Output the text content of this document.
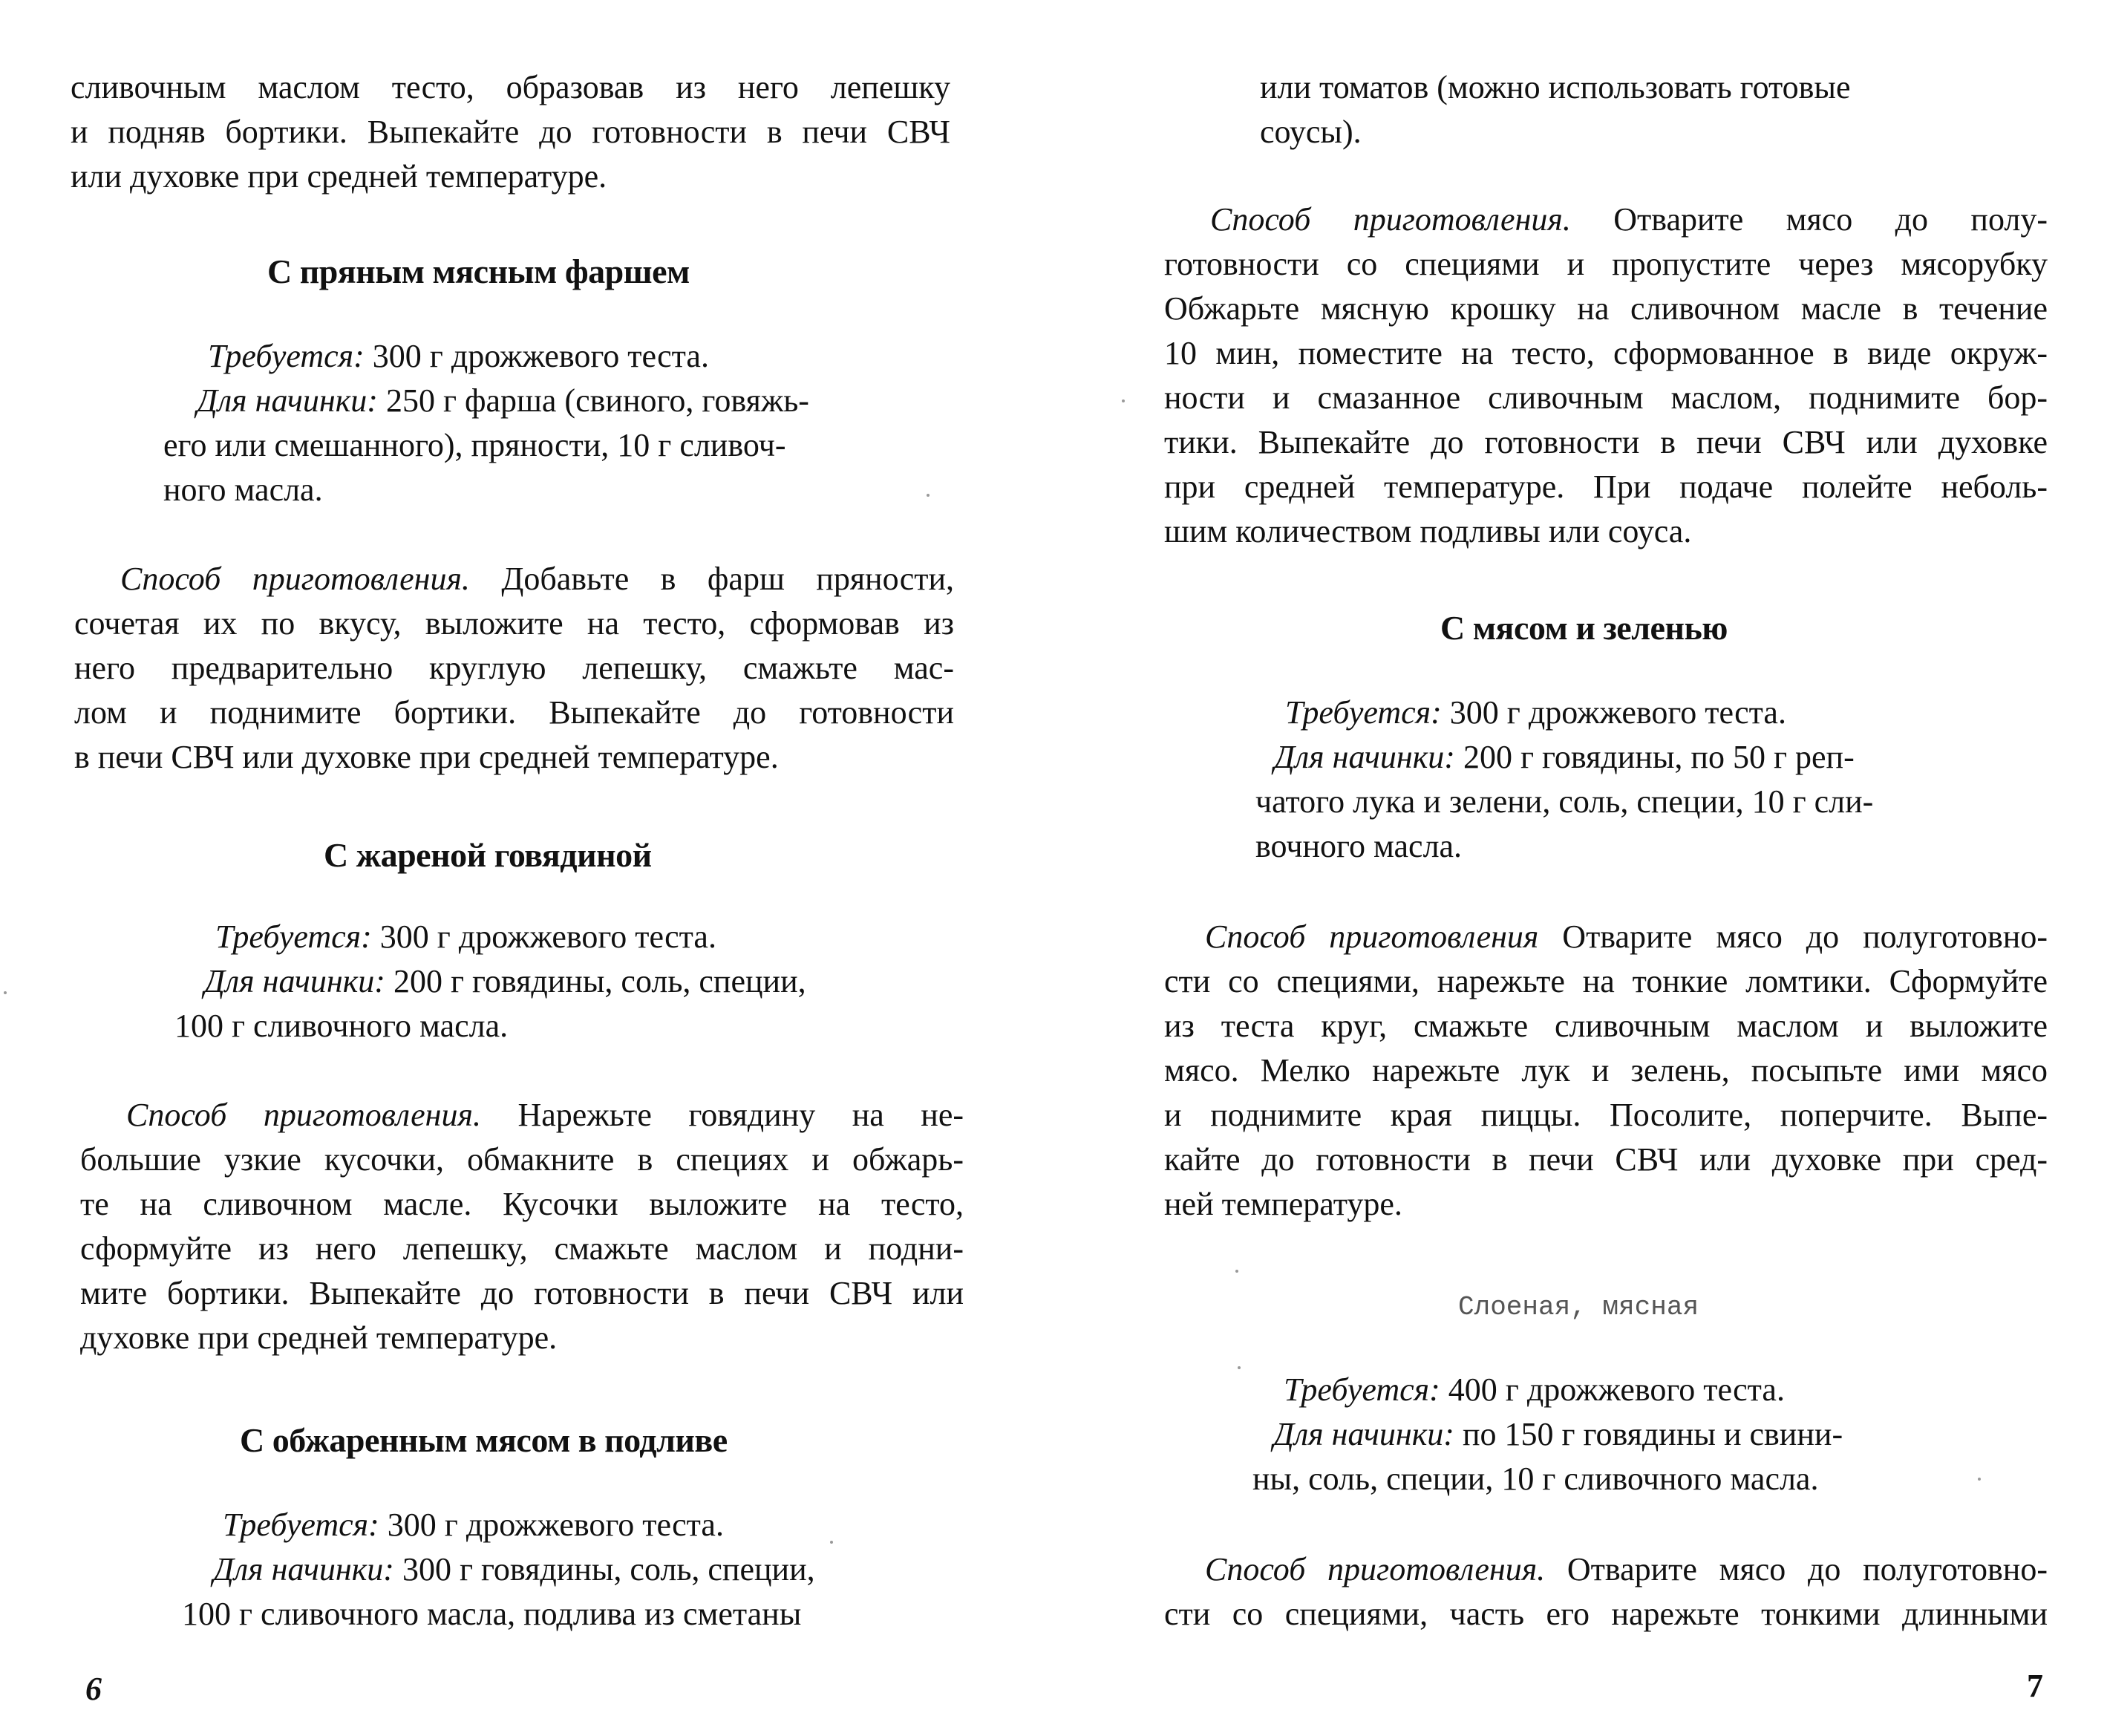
сливочным маслом тесто, образовав из него лепешку
и подняв бортики. Выпекайте до готовности в печи СВЧ
или духовке при средней температуре.
С пряным мясным фаршем
Требуется: 300 г дрожжевого теста.
Для начинки: 250 г фарша (свиного, говяжь-
его или смешанного), пряности, 10 г сливоч-
ного масла.
Способ приготовления. Добавьте в фарш пряности,
сочетая их по вкусу, выложите на тесто, сформовав из
него предварительно круглую лепешку, смажьте мас-
лом и поднимите бортики. Выпекайте до готовности
в печи СВЧ или духовке при средней температуре.
С жареной говядиной
Требуется: 300 г дрожжевого теста.
Для начинки: 200 г говядины, соль, специи,
100 г сливочного масла.
Способ приготовления. Нарежьте говядину на не-
большие узкие кусочки, обмакните в специях и обжарь-
те на сливочном масле. Кусочки выложите на тесто,
сформуйте из него лепешку, смажьте маслом и подни-
мите бортики. Выпекайте до готовности в печи СВЧ или
духовке при средней температуре.
С обжаренным мясом в подливе
Требуется: 300 г дрожжевого теста.
Для начинки: 300 г говядины, соль, специи,
100 г сливочного масла, подлива из сметаны
6
или томатов (можно использовать готовые
соусы).
Способ приготовления. Отварите мясо до полу-
готовности со специями и пропустите через мясорубку
Обжарьте мясную крошку на сливочном масле в течение
10 мин, поместите на тесто, сформованное в виде окруж-
ности и смазанное сливочным маслом, поднимите бор-
тики. Выпекайте до готовности в печи СВЧ или духовке
при средней температуре. При подаче полейте неболь-
шим количеством подливы или соуса.
С мясом и зеленью
Требуется: 300 г дрожжевого теста.
Для начинки: 200 г говядины, по 50 г реп-
чатого лука и зелени, соль, специи, 10 г сли-
вочного масла.
Способ приготовления Отварите мясо до полуготовно-
сти со специями, нарежьте на тонкие ломтики. Сформуйте
из теста круг, смажьте сливочным маслом и выложите
мясо. Мелко нарежьте лук и зелень, посыпьте ими мясо
и поднимите края пиццы. Посолите, поперчите. Выпе-
кайте до готовности в печи СВЧ или духовке при сред-
ней температуре.
Слоеная, мясная
Требуется: 400 г дрожжевого теста.
Для начинки: по 150 г говядины и свини-
ны, соль, специи, 10 г сливочного масла.
Способ приготовления. Отварите мясо до полуготовно-
сти со специями, часть его нарежьте тонкими длинными
7
